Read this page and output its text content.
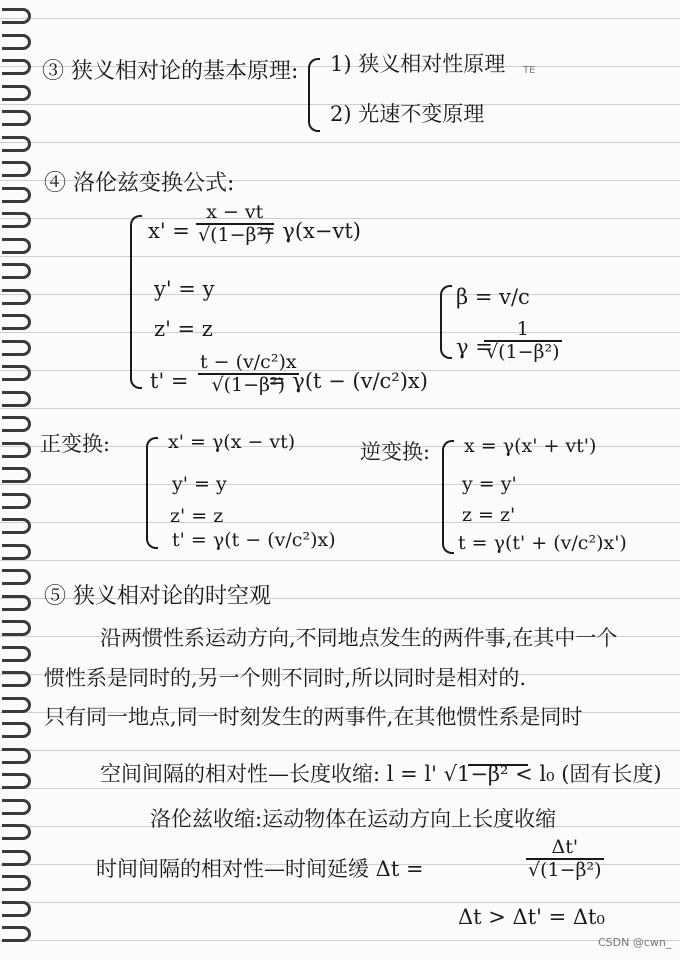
③ 狭义相对论的基本原理: 1) 狭义相对性原理 TE
2) 光速不变原理
④ 洛伦兹变换公式:
$x' = \frac{x - vt}{\text{√(1−β²)}}$
= γ(x−vt)
y' = y
z' = z
$t' = \frac{\text{t − (v/c²)x}}{\text{√(1−β²)}}$
= γ(t − (v/c²)x)
β = v/c
γ =
$\frac{1}{\text{√(1−β²)}}$
正变换:	x' = γ(x − vt)
y' = y
z' = z
t' = γ(t − (v/c²)x)
逆变换: x = γ(x' + vt')
y = y'
z = z'
t = γ(t' + (v/c²)x')
⑤ 狭义相对论的时空观
沿两惯性系运动方向,不同地点发生的两件事,在其中一个
惯性系是同时的,另一个则不同时,所以同时是相对的.
只有同一地点,同一时刻发生的两事件,在其他惯性系是同时
空间间隔的相对性—长度收缩: l = l' √1−β² < l₀ (固有长度)
洛伦兹收缩:运动物体在运动方向上长度收缩
时间间隔的相对性—时间延缓 Δt =	$\frac{\Delta t'}{\text{√(1−β²)}}$
Δt > Δt' = Δt₀
CSDN @cwn_
